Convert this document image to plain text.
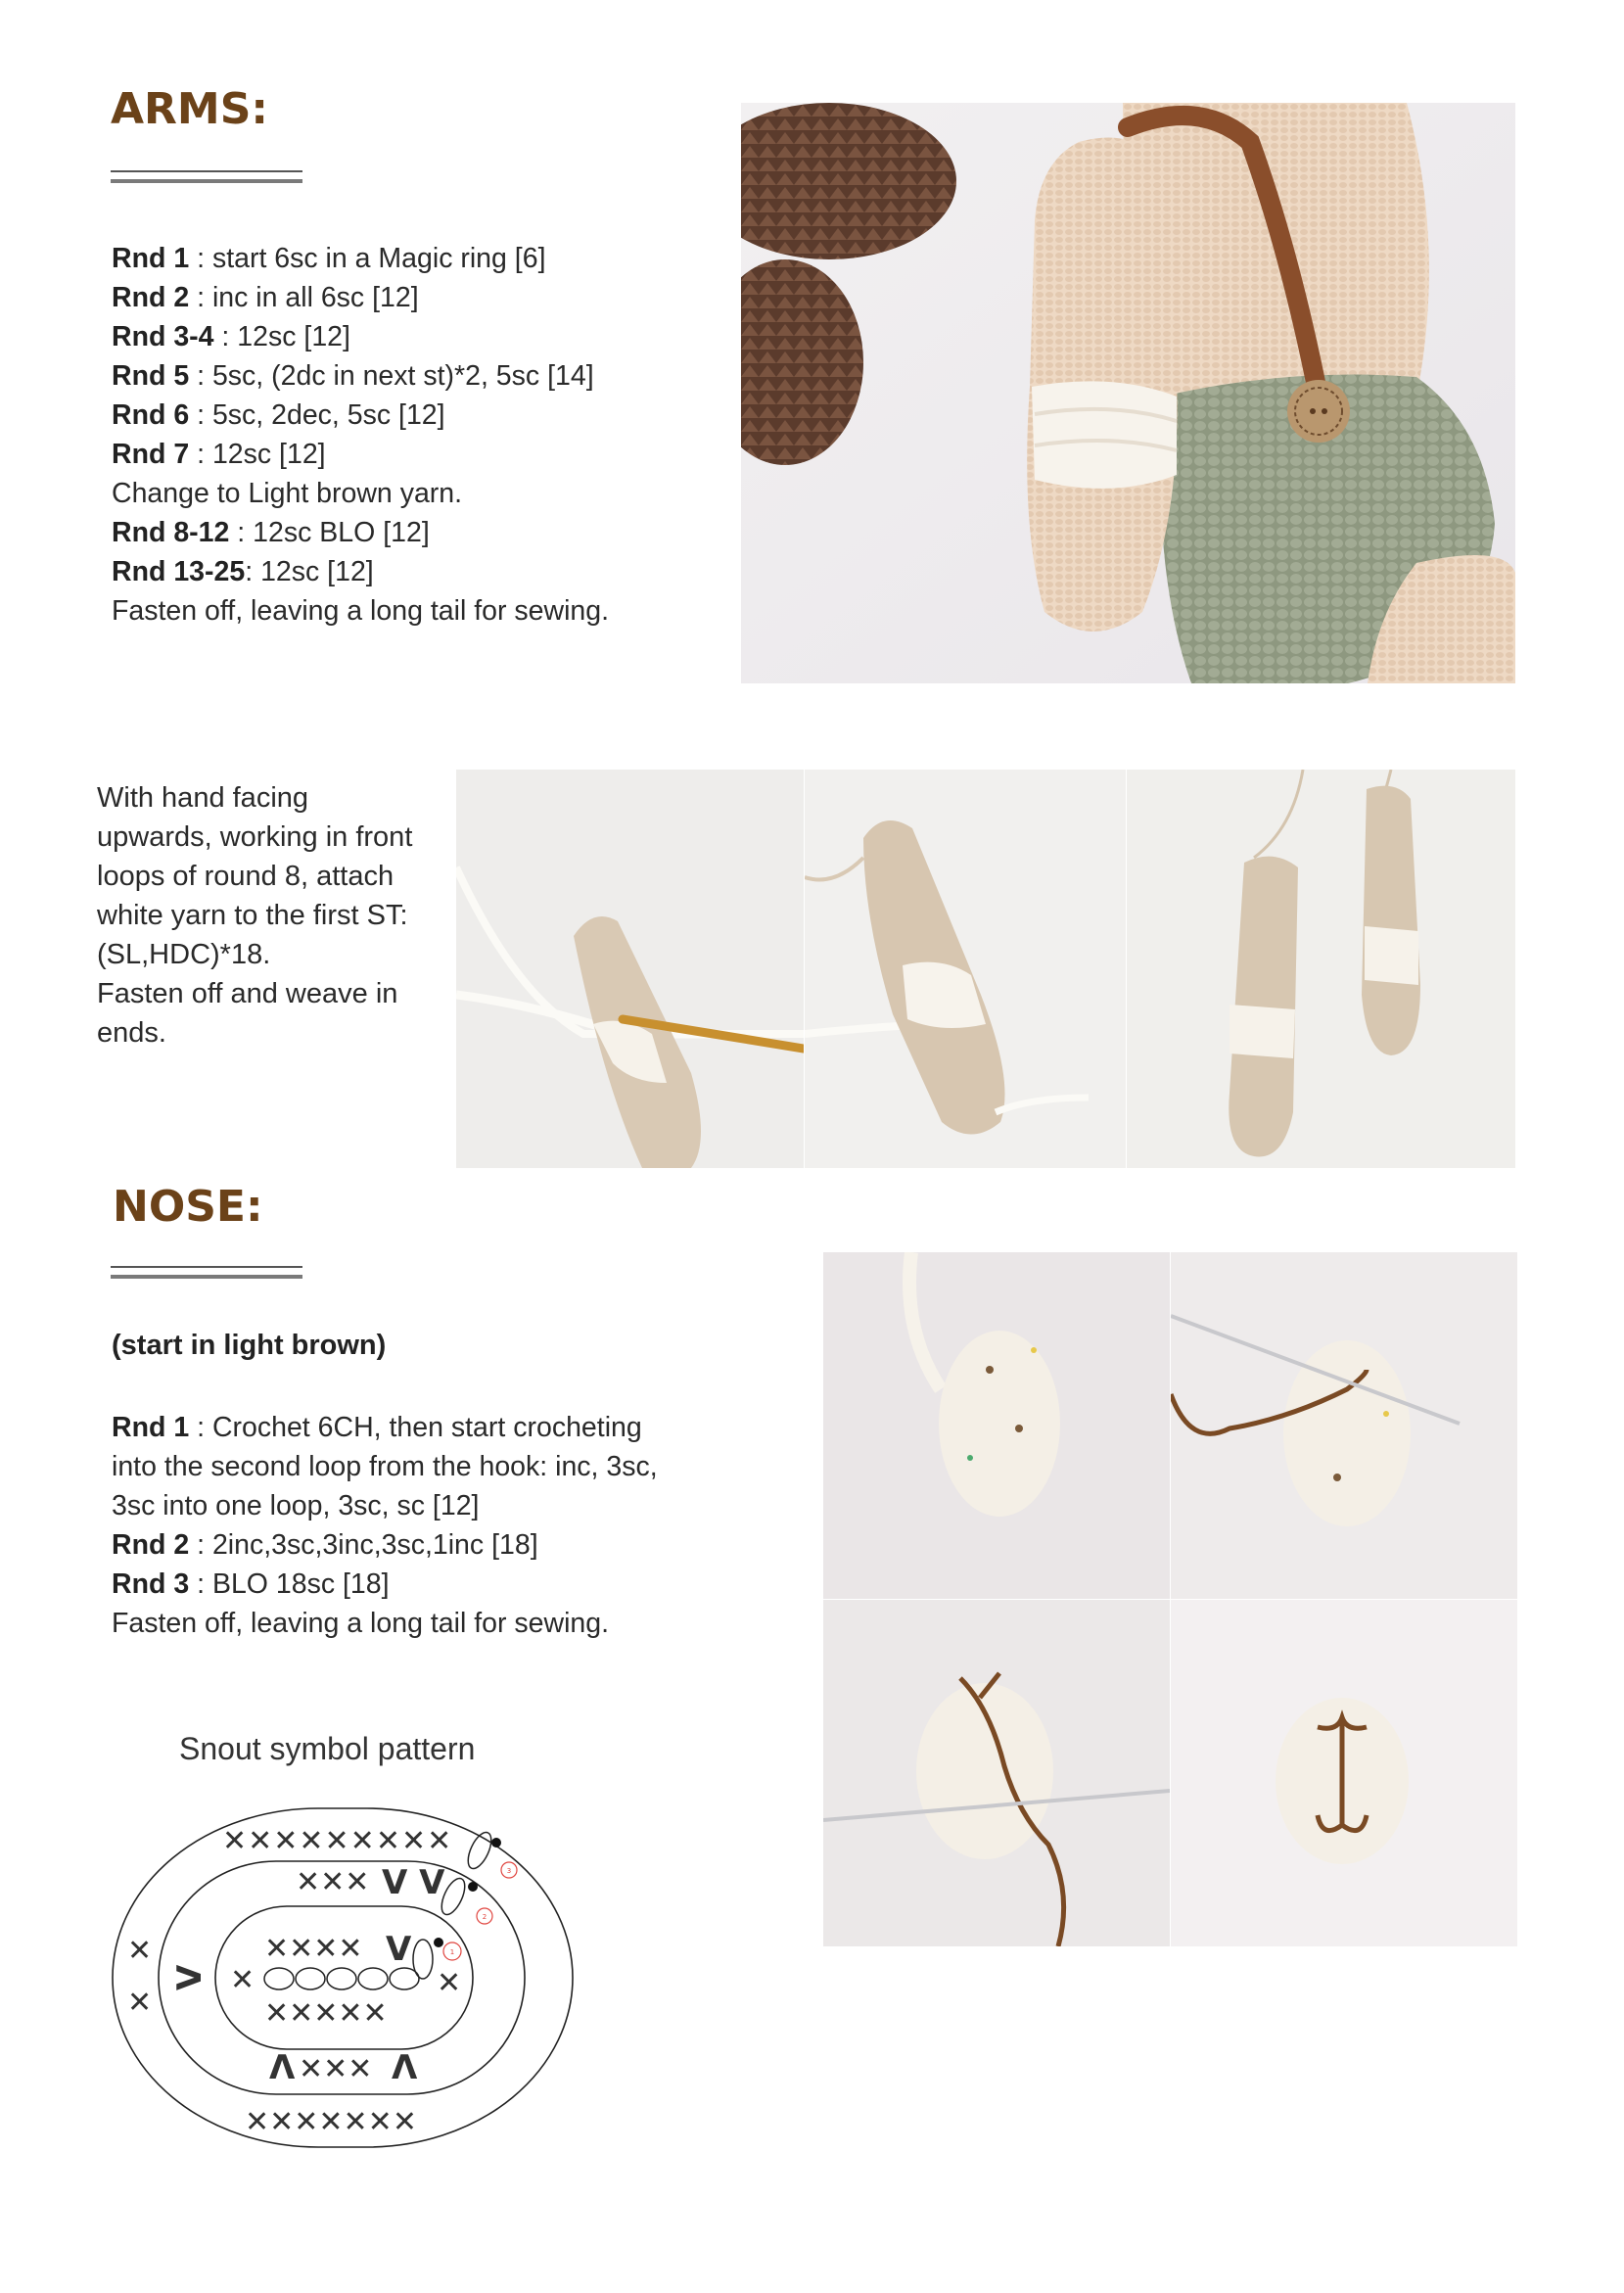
ARMS:
Rnd 1 : start 6sc in a Magic ring [6]
Rnd 2 : inc in all 6sc [12]
Rnd 3-4 : 12sc [12]
Rnd 5 : 5sc, (2dc in next st)*2, 5sc [14]
Rnd 6 : 5sc, 2dec, 5sc [12]
Rnd 7 : 12sc [12]
Change to Light brown yarn.
Rnd 8-12 : 12sc BLO [12]
Rnd 13-25: 12sc [12]
Fasten off, leaving a long tail for sewing.
With hand facing
upwards, working in front
loops of round 8, attach
white yarn to the first ST:
(SL,HDC)*18.
Fasten off and weave in
ends.
NOSE:
(start in light brown)
Rnd 1 : Crochet 6CH, then start crocheting
into the second loop from the hook: inc, 3sc,
3sc into one loop, 3sc, sc [12]
Rnd 2 : 2inc,3sc,3inc,3sc,1inc [18]
Rnd 3 : BLO 18sc [18]
Fasten off, leaving a long tail for sewing.
Snout symbol pattern
✕✕✕✕✕✕✕✕✕
✕✕✕ V V
✕✕✕✕ V
✕	✕
✕✕✕✕✕
Λ ✕✕✕ Λ
✕✕✕✕✕✕✕
✕
✕
V
1
2
3
